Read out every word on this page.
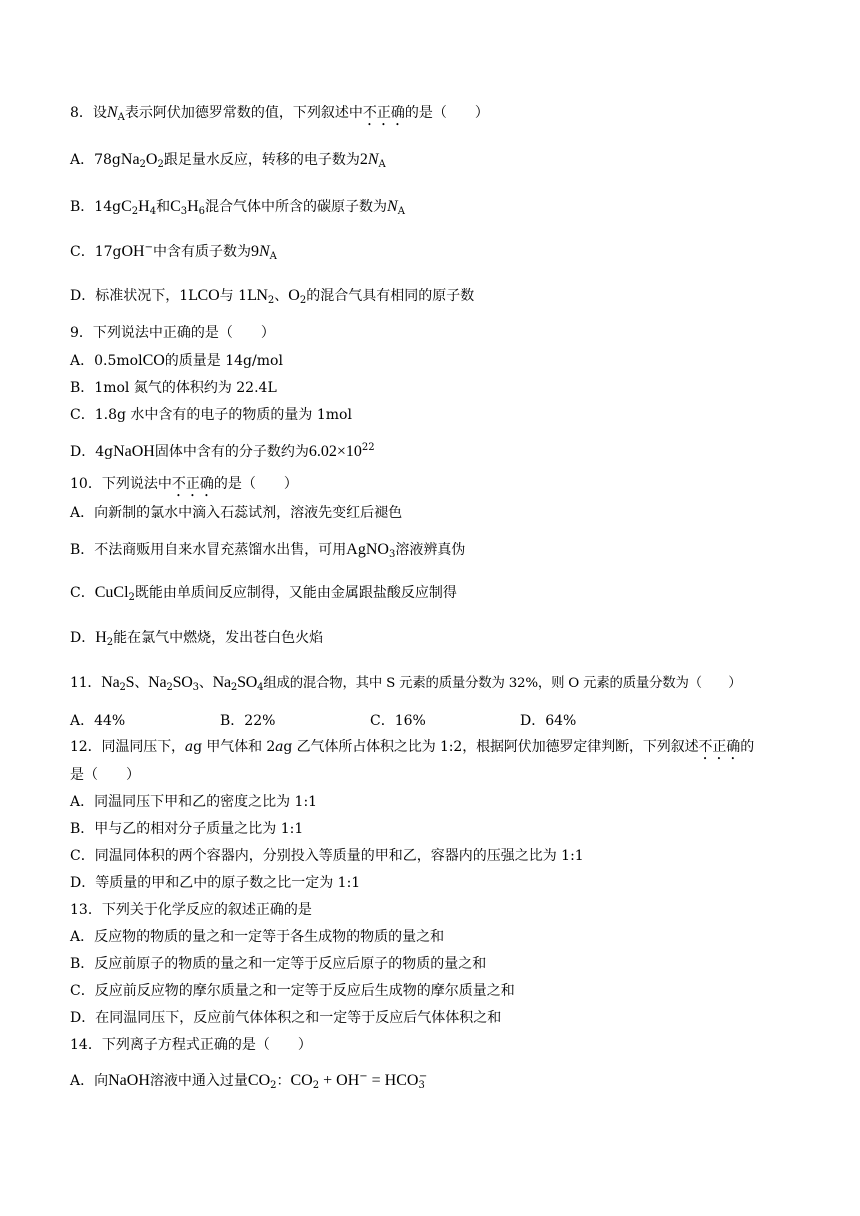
8．设$N_A$表示阿伏加德罗常数的值，下列叙述中不正确的是（　　）
A．$78gNa_2O_2$跟足量水反应，转移的电子数为$2N_A$
B．$14gC_2H_4$和$C_3H_6$混合气体中所含的碳原子数为$N_A$
C．17gOH−中含有质子数为$9N_A$
D．标准状况下，1LCO与 $1LN_2$、$O_2$的混合气具有相同的原子数
9．下列说法中正确的是（　　）
A．0.5molCO的质量是 14g/mol
B．1mol 氮气的体积约为 22.4L
C．1.8g 水中含有的电子的物质的量为 1mol
D．4gNaOH固体中含有的分子数约为$6.02\times 10^{22}$
10．下列说法中不正确的是（　　）
A．向新制的氯水中滴入石蕊试剂，溶液先变红后褪色
B．不法商贩用自来水冒充蒸馏水出售，可用AgNO$_3$溶液辨真伪
C．CuCl$_2$既能由单质间反应制得，又能由金属跟盐酸反应制得
D．$H_2$能在氯气中燃烧，发出苍白色火焰
11．$Na_2S$、$Na_2SO_3$、$Na_2SO_4$组成的混合物，其中 S 元素的质量分数为 32%，则 O 元素的质量分数为（　　）
A．44%	B．22%	C．16%	D．64%
12．同温同压下，ag 甲气体和 2ag 乙气体所占体积之比为 1:2，根据阿伏加德罗定律判断，下列叙述不正确的
是（　　）
A．同温同压下甲和乙的密度之比为 1:1
B．甲与乙的相对分子质量之比为 1:1
C．同温同体积的两个容器内，分别投入等质量的甲和乙，容器内的压强之比为 1:1
D．等质量的甲和乙中的原子数之比一定为 1:1
13．下列关于化学反应的叙述正确的是
A．反应物的物质的量之和一定等于各生成物的物质的量之和
B．反应前原子的物质的量之和一定等于反应后原子的物质的量之和
C．反应前反应物的摩尔质量之和一定等于反应后生成物的摩尔质量之和
D．在同温同压下，反应前气体体积之和一定等于反应后气体体积之和
14．下列离子方程式正确的是（　　）
A．向NaOH溶液中通入过量$CO_2$：$CO_2 + OH^- = HCO_3^-$
